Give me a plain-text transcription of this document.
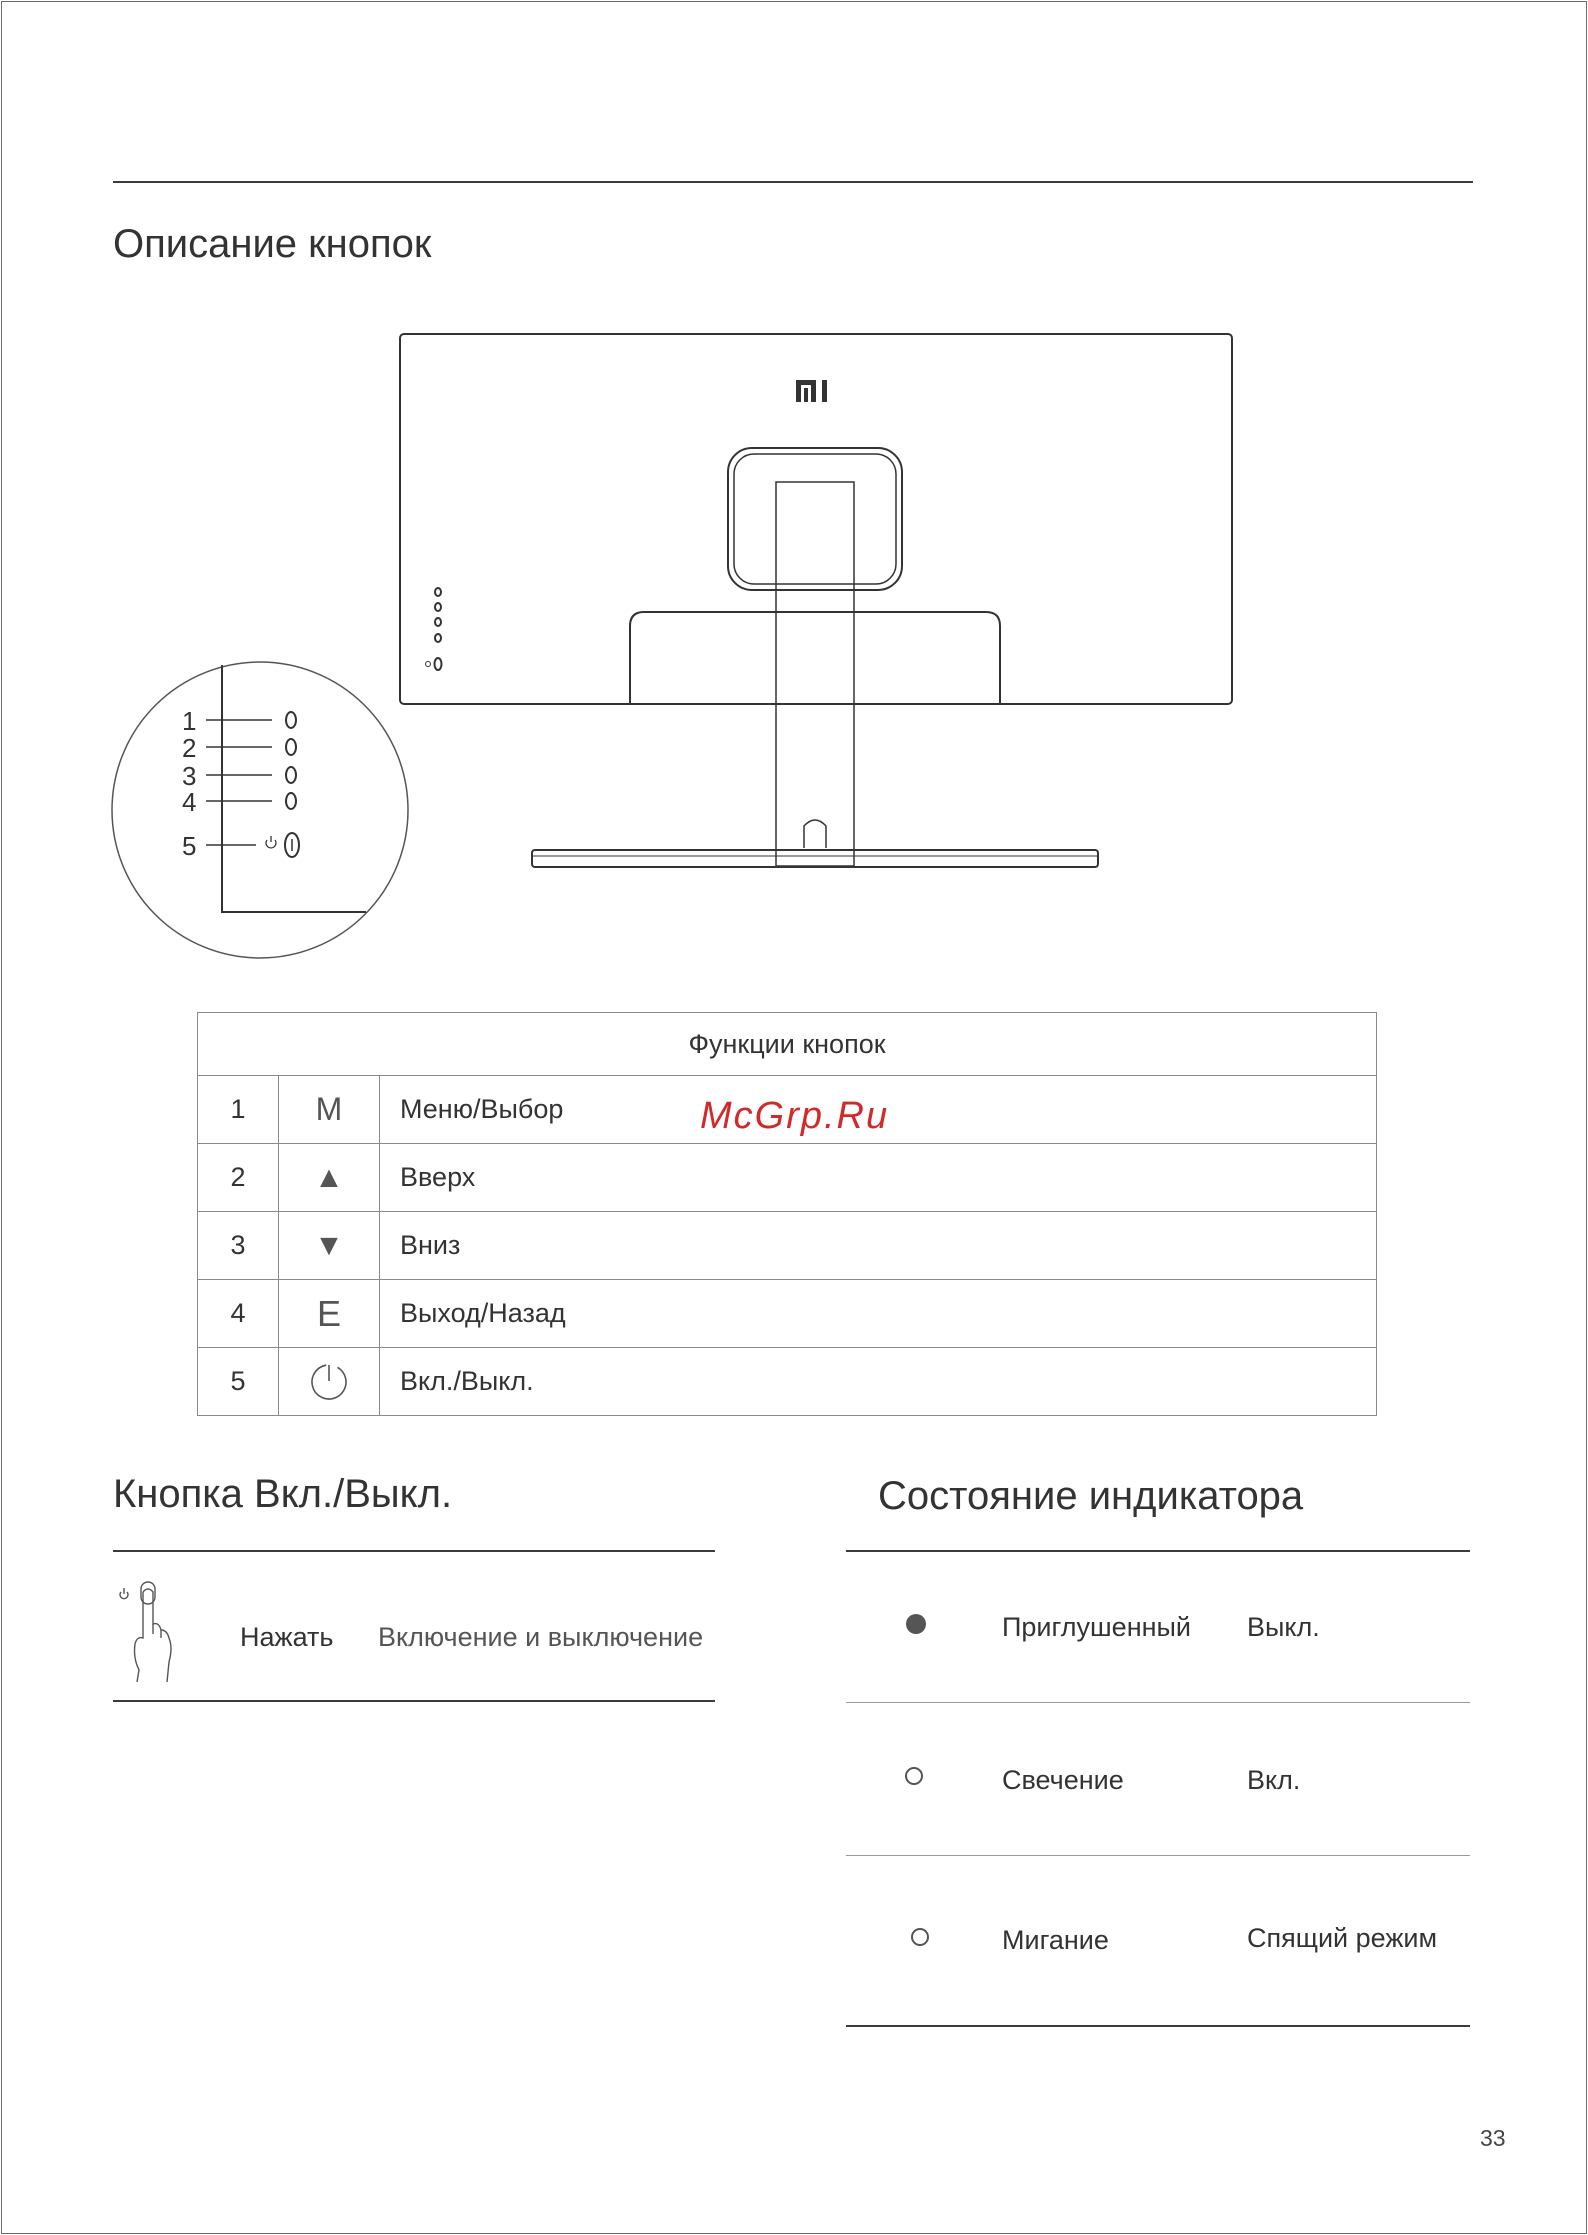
Описание кнопок
1
2
3
4
5
Функции кнопок		
1	M	Меню/Выбор
2	▲	Вверх
3	▼	Вниз
4	E	Выход/Назад
5		Вкл./Выкл.
McGrp.Ru
Кнопка Вкл./Выкл.
Нажать Включение и выключение
Состояние индикатора
Приглушенный Выкл.
Свечение	Вкл.
Мигание	Спящий режим
33
